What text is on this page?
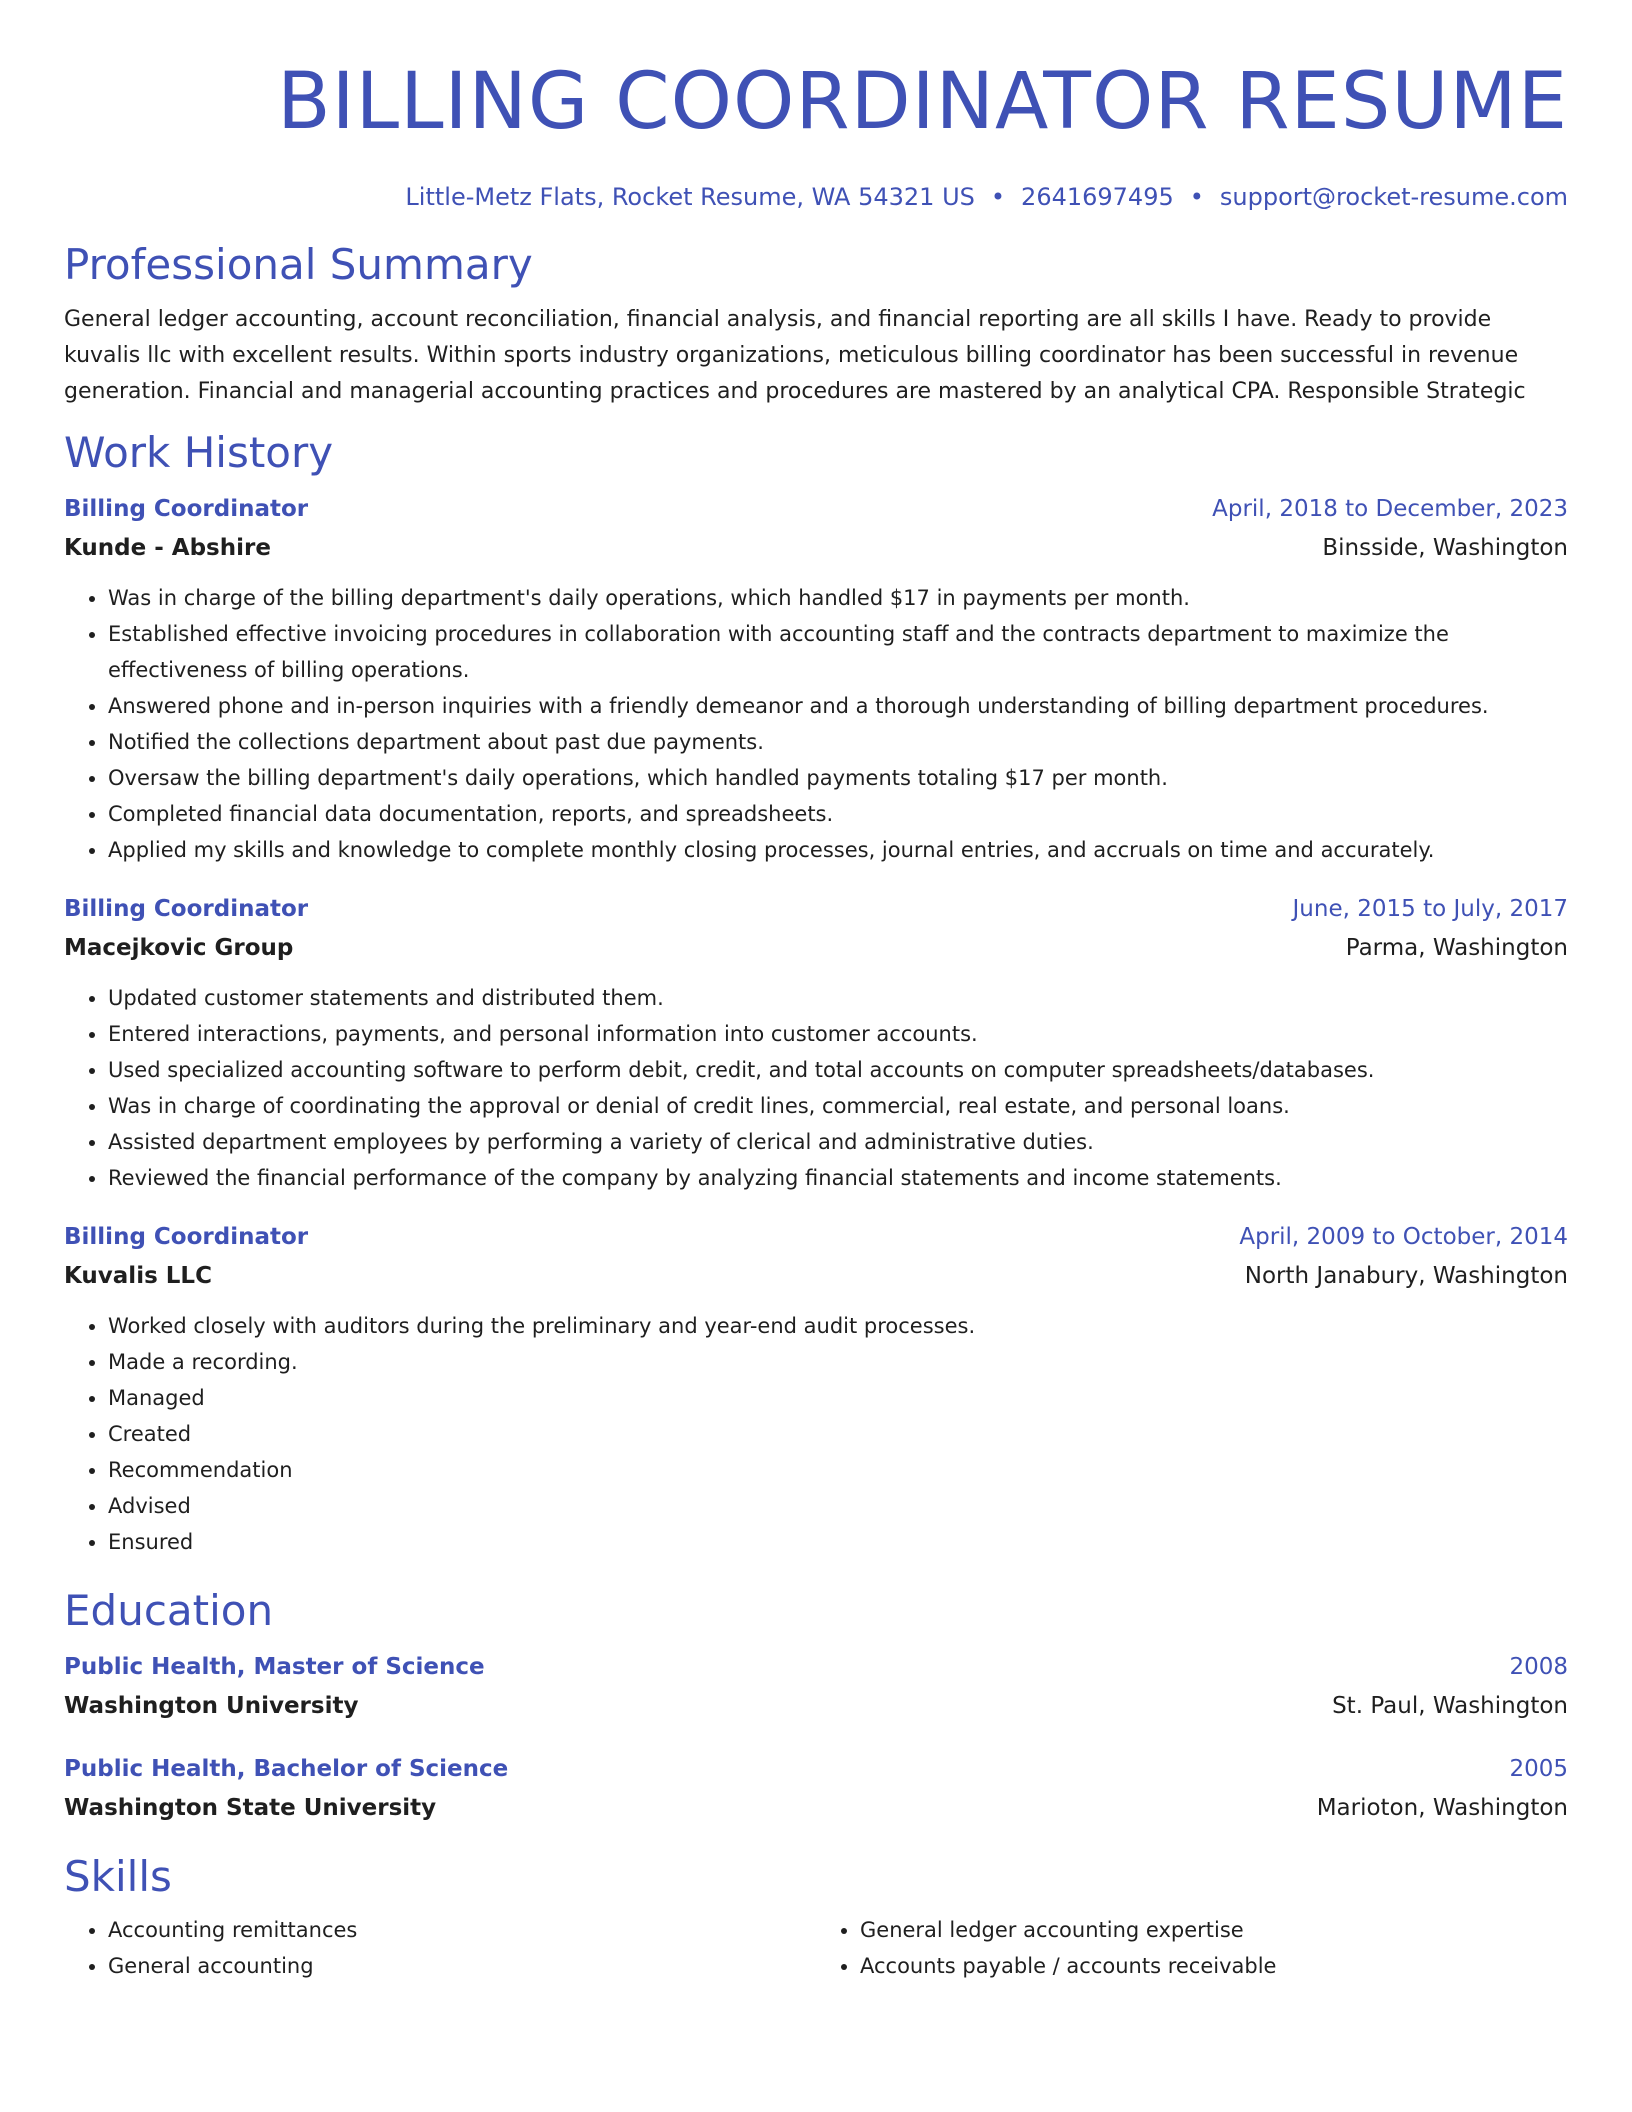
BILLING COORDINATOR RESUME
Little-Metz Flats, Rocket Resume, WA 54321 US • 2641697495 • support@rocket-resume.com
Professional Summary

General ledger accounting, account reconciliation, financial analysis, and financial reporting are all skills I have. Ready to provide kuvalis llc with excellent results. Within sports industry organizations, meticulous billing coordinator has been successful in revenue generation. Financial and managerial accounting practices and procedures are mastered by an analytical CPA. Responsible Strategic

Work History
Billing Coordinator	April, 2018 to December, 2023
Kunde - Abshire	Binsside, Washington
• Was in charge of the billing department's daily operations, which handled $17 in payments per month.
• Established effective invoicing procedures in collaboration with accounting staff and the contracts department to maximize the effectiveness of billing operations.
• Answered phone and in-person inquiries with a friendly demeanor and a thorough understanding of billing department procedures.
• Notified the collections department about past due payments.
• Oversaw the billing department's daily operations, which handled payments totaling $17 per month.
• Completed financial data documentation, reports, and spreadsheets.
• Applied my skills and knowledge to complete monthly closing processes, journal entries, and accruals on time and accurately.
Billing Coordinator	June, 2015 to July, 2017
Macejkovic Group	Parma, Washington
• Updated customer statements and distributed them.
• Entered interactions, payments, and personal information into customer accounts.
• Used specialized accounting software to perform debit, credit, and total accounts on computer spreadsheets/databases.
• Was in charge of coordinating the approval or denial of credit lines, commercial, real estate, and personal loans.
• Assisted department employees by performing a variety of clerical and administrative duties.
• Reviewed the financial performance of the company by analyzing financial statements and income statements.
Billing Coordinator	April, 2009 to October, 2014
Kuvalis LLC	North Janabury, Washington
• Worked closely with auditors during the preliminary and year-end audit processes.
• Made a recording.
• Managed
• Created
• Recommendation
• Advised
• Ensured
Education
Public Health, Master of Science	2008
Washington University	St. Paul, Washington
Public Health, Bachelor of Science	2005
Washington State University	Marioton, Washington
Skills
• Accounting remittances
• General accounting
• General ledger accounting expertise
• Accounts payable / accounts receivable
